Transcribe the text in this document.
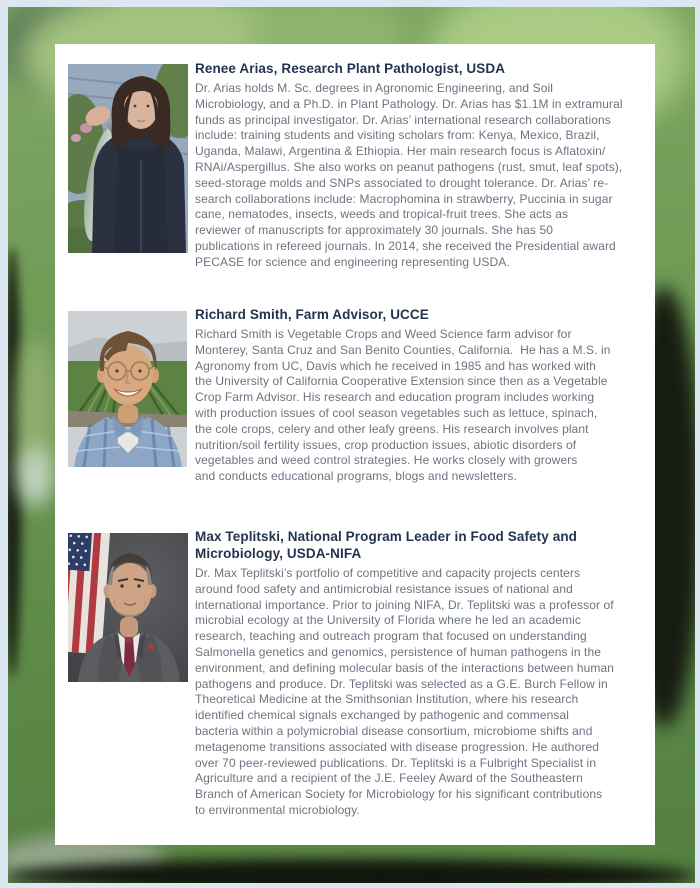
Renee Arias, Research Plant Pathologist, USDA
Dr. Arias holds M. Sc. degrees in Agronomic Engineering, and Soil
Microbiology, and a Ph.D. in Plant Pathology. Dr. Arias has $1.1M in extramural
funds as principal investigator. Dr. Arias’ international research collaborations
include: training students and visiting scholars from: Kenya, Mexico, Brazil,
Uganda, Malawi, Argentina & Ethiopia. Her main research focus is Aflatoxin/
RNAi/Aspergillus. She also works on peanut pathogens (rust, smut, leaf spots),
seed-storage molds and SNPs associated to drought tolerance. Dr. Arias’ re-
search collaborations include: Macrophomina in strawberry, Puccinia in sugar
cane, nematodes, insects, weeds and tropical-fruit trees. She acts as
reviewer of manuscripts for approximately 30 journals. She has 50
publications in refereed journals. In 2014, she received the Presidential award
PECASE for science and engineering representing USDA.
Richard Smith, Farm Advisor, UCCE
Richard Smith is Vegetable Crops and Weed Science farm advisor for
Monterey, Santa Cruz and San Benito Counties, California.  He has a M.S. in
Agronomy from UC, Davis which he received in 1985 and has worked with
the University of California Cooperative Extension since then as a Vegetable
Crop Farm Advisor. His research and education program includes working
with production issues of cool season vegetables such as lettuce, spinach,
the cole crops, celery and other leafy greens. His research involves plant
nutrition/soil fertility issues, crop production issues, abiotic disorders of
vegetables and weed control strategies. He works closely with growers
and conducts educational programs, blogs and newsletters.
Max Teplitski, National Program Leader in Food Safety and
Microbiology, USDA-NIFA
Dr. Max Teplitski’s portfolio of competitive and capacity projects centers
around food safety and antimicrobial resistance issues of national and
international importance. Prior to joining NIFA, Dr. Teplitski was a professor of
microbial ecology at the University of Florida where he led an academic
research, teaching and outreach program that focused on understanding
Salmonella genetics and genomics, persistence of human pathogens in the
environment, and defining molecular basis of the interactions between human
pathogens and produce. Dr. Teplitski was selected as a G.E. Burch Fellow in
Theoretical Medicine at the Smithsonian Institution, where his research
identified chemical signals exchanged by pathogenic and commensal
bacteria within a polymicrobial disease consortium, microbiome shifts and
metagenome transitions associated with disease progression. He authored
over 70 peer-reviewed publications. Dr. Teplitski is a Fulbright Specialist in
Agriculture and a recipient of the J.E. Feeley Award of the Southeastern
Branch of American Society for Microbiology for his significant contributions
to environmental microbiology.
